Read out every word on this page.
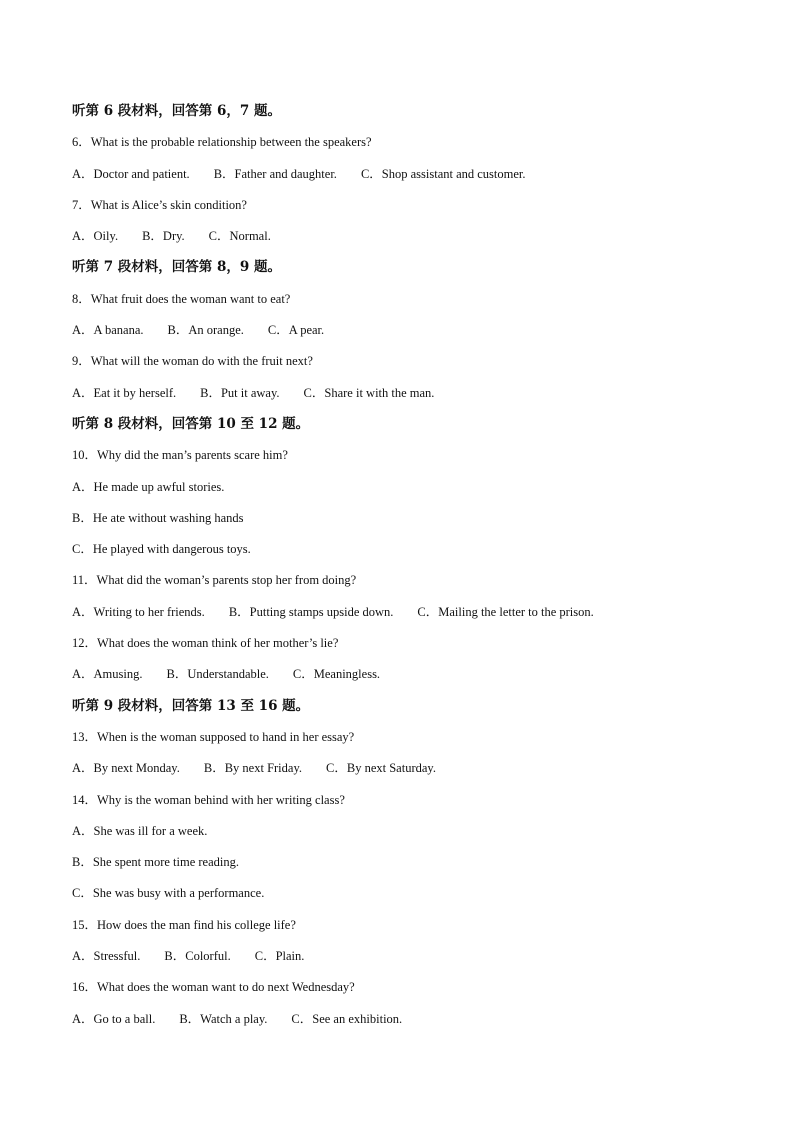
听第 6 段材料，回答第 6，7 题。
6．What is the probable relationship between the speakers?
A．Doctor and patient. B．Father and daughter. C．Shop assistant and customer.
7．What is Alice’s skin condition?
A．Oily. B．Dry. C．Normal.
听第 7 段材料，回答第 8，9 题。
8．What fruit does the woman want to eat?
A．A banana. B．An orange. C．A pear.
9．What will the woman do with the fruit next?
A．Eat it by herself. B．Put it away. C．Share it with the man.
听第 8 段材料，回答第 10 至 12 题。
10．Why did the man’s parents scare him?
A．He made up awful stories.
B．He ate without washing hands
C．He played with dangerous toys.
11．What did the woman’s parents stop her from doing?
A．Writing to her friends. B．Putting stamps upside down. C．Mailing the letter to the prison.
12．What does the woman think of her mother’s lie?
A．Amusing. B．Understandable. C．Meaningless.
听第 9 段材料，回答第 13 至 16 题。
13．When is the woman supposed to hand in her essay?
A．By next Monday. B．By next Friday. C．By next Saturday.
14．Why is the woman behind with her writing class?
A．She was ill for a week.
B．She spent more time reading.
C．She was busy with a performance.
15．How does the man find his college life?
A．Stressful. B．Colorful. C．Plain.
16．What does the woman want to do next Wednesday?
A．Go to a ball. B．Watch a play. C．See an exhibition.
